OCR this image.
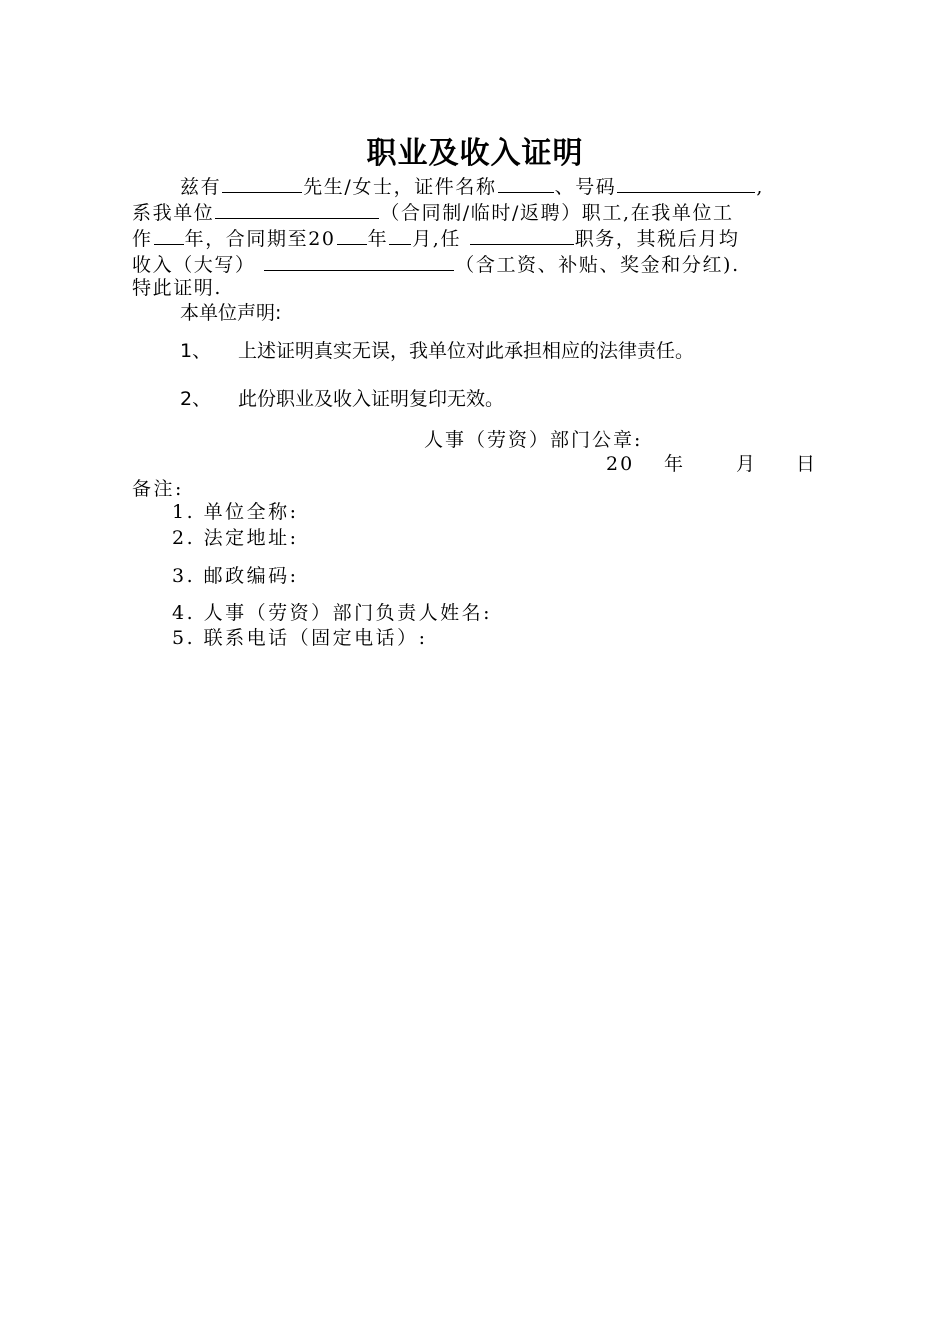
职业及收入证明
兹有	先生/女士，证件名称	、号码	,
系我单位	（合同制/临时/返聘）职工,在我单位工
作 年，合同期至20 年 月,任	职务，其税后月均
收入（大写）	（含工资、补贴、奖金和分红).
特此证明.
本单位声明:
1、 上述证明真实无误，我单位对此承担相应的法律责任。
2、 此份职业及收入证明复印无效。
人事（劳资）部门公章:
20 年	月 日
备注:
1. 单位全称:
2. 法定地址:
3. 邮政编码:
4. 人事（劳资）部门负责人姓名:
5. 联系电话（固定电话）:
